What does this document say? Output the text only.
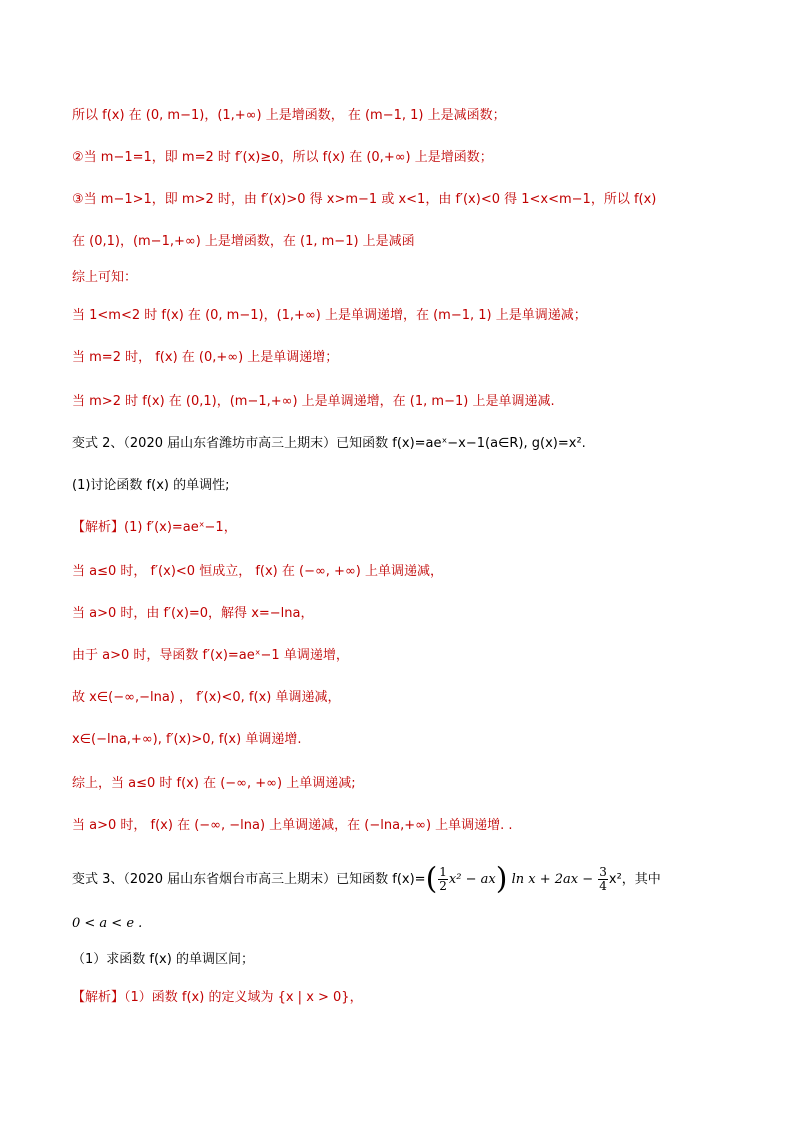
所以 f(x) 在 (0, m−1)，(1,+∞) 上是增函数， 在 (m−1, 1) 上是减函数；
②当 m−1=1，即 m=2 时 f′(x)≥0，所以 f(x) 在 (0,+∞) 上是增函数；
③当 m−1>1，即 m>2 时，由 f′(x)>0 得 x>m−1 或 x<1，由 f′(x)<0 得 1<x<m−1，所以 f(x)
在 (0,1)，(m−1,+∞) 上是增函数，在 (1, m−1) 上是减函
综上可知：
当 1<m<2 时 f(x) 在 (0, m−1)，(1,+∞) 上是单调递增，在 (m−1, 1) 上是单调递减；
当 m=2 时， f(x) 在 (0,+∞) 上是单调递增；
当 m>2 时 f(x) 在 (0,1)，(m−1,+∞) 上是单调递增，在 (1, m−1) 上是单调递减.
变式 2、（2020 届山东省潍坊市高三上期末）已知函数 f(x)=aeˣ−x−1(a∈R), g(x)=x².
(1)讨论函数 f(x) 的单调性;
【解析】(1) f′(x)=aeˣ−1，
当 a≤0 时， f′(x)<0 恒成立， f(x) 在 (−∞, +∞) 上单调递减，
当 a>0 时，由 f′(x)=0，解得 x=−lna，
由于 a>0 时，导函数 f′(x)=aeˣ−1 单调递增，
故 x∈(−∞,−lna) ， f′(x)<0, f(x) 单调递减，
x∈(−lna,+∞), f′(x)>0, f(x) 单调递增.
综上，当 a≤0 时 f(x) 在 (−∞, +∞) 上单调递减;
当 a>0 时， f(x) 在 (−∞, −lna) 上单调递减，在 (−lna,+∞) 上单调递增. .
变式 3、（2020 届山东省烟台市高三上期末）已知函数 $f(x)=( \frac{1}{2} x^2 - ax)$ $\ln x + 2ax - \frac{3}{4} x^2$，其中
0 < a < e .
（1）求函数 f(x) 的单调区间；
【解析】（1）函数 f(x) 的定义域为 {x | x > 0}，
